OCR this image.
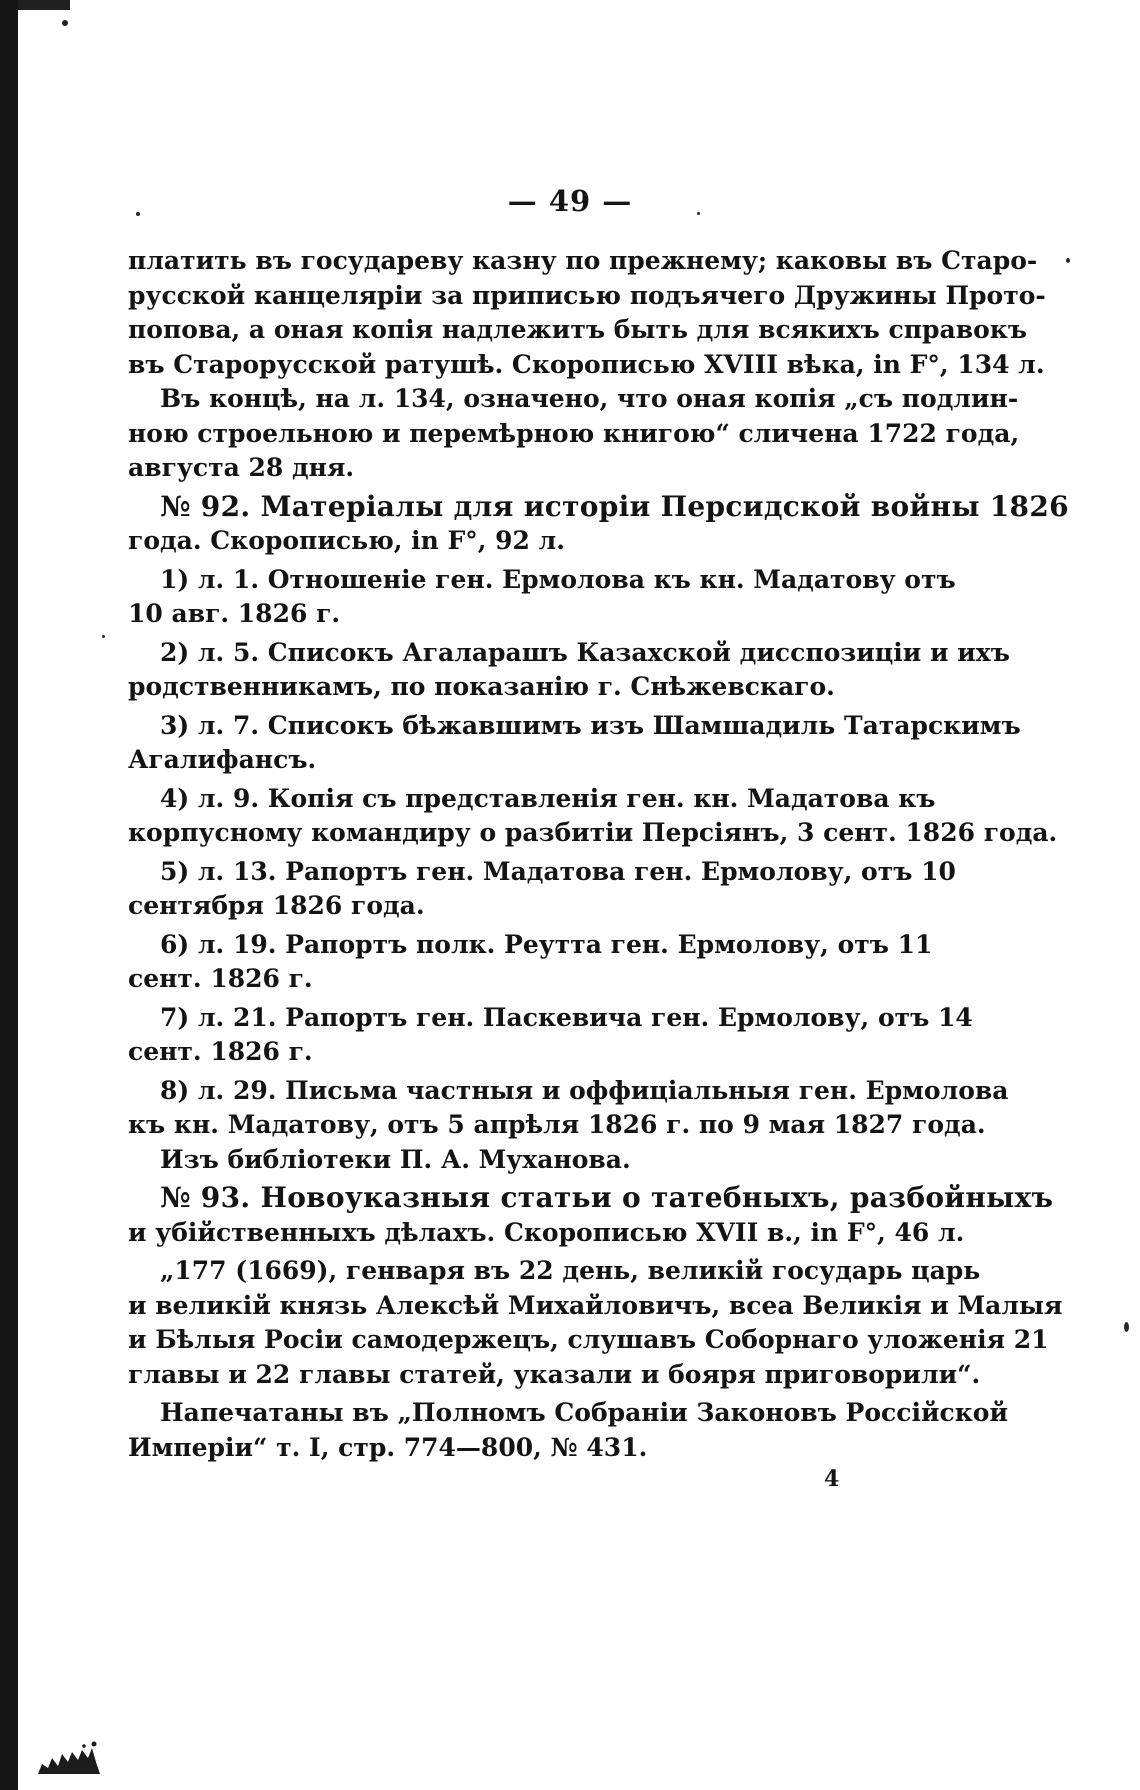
— 49 —
платить въ государеву казну по прежнему; каковы въ Старо-
русской канцеляріи за приписью подъячего Дружины Прото-
попова, а оная копія надлежитъ быть для всякихъ справокъ
въ Старорусской ратушѣ. Скорописью XVIII вѣка, in F°, 134 л.
Въ концѣ, на л. 134, означено, что оная копія „съ подлин-
ною строельною и перемѣрною книгою“ сличена 1722 года,
августа 28 дня.
№ 92. Матеріалы для исторіи Персидской войны 1826
года. Скорописью, in F°, 92 л.
1) л. 1. Отношеніе ген. Ермолова къ кн. Мадатову отъ
10 авг. 1826 г.
2) л. 5. Списокъ Агаларашъ Казахской дисспозиціи и ихъ
родственникамъ, по показанію г. Снѣжевскаго.
3) л. 7. Списокъ бѣжавшимъ изъ Шамшадиль Татарскимъ
Агалифансъ.
4) л. 9. Копія съ представленія ген. кн. Мадатова къ
корпусному командиру о разбитіи Персіянъ, 3 сент. 1826 года.
5) л. 13. Рапортъ ген. Мадатова ген. Ермолову, отъ 10
сентября 1826 года.
6) л. 19. Рапортъ полк. Реутта ген. Ермолову, отъ 11
сент. 1826 г.
7) л. 21. Рапортъ ген. Паскевича ген. Ермолову, отъ 14
сент. 1826 г.
8) л. 29. Письма частныя и оффиціальныя ген. Ермолова
къ кн. Мадатову, отъ 5 апрѣля 1826 г. по 9 мая 1827 года.
Изъ библіотеки П. А. Муханова.
№ 93. Новоуказныя статьи о татебныхъ, разбойныхъ
и убійственныхъ дѣлахъ. Скорописью XVII в., in F°, 46 л.
„177 (1669), генваря въ 22 день, великій государь царь
и великій князь Алексѣй Михайловичъ, всеа Великія и Малыя
и Бѣлыя Росіи самодержецъ, слушавъ Соборнаго уложенія 21
главы и 22 главы статей, указали и бояря приговорили“.
Напечатаны въ „Полномъ Собраніи Законовъ Россійской
Имперіи“ т. I, стр. 774—800, № 431.
4
